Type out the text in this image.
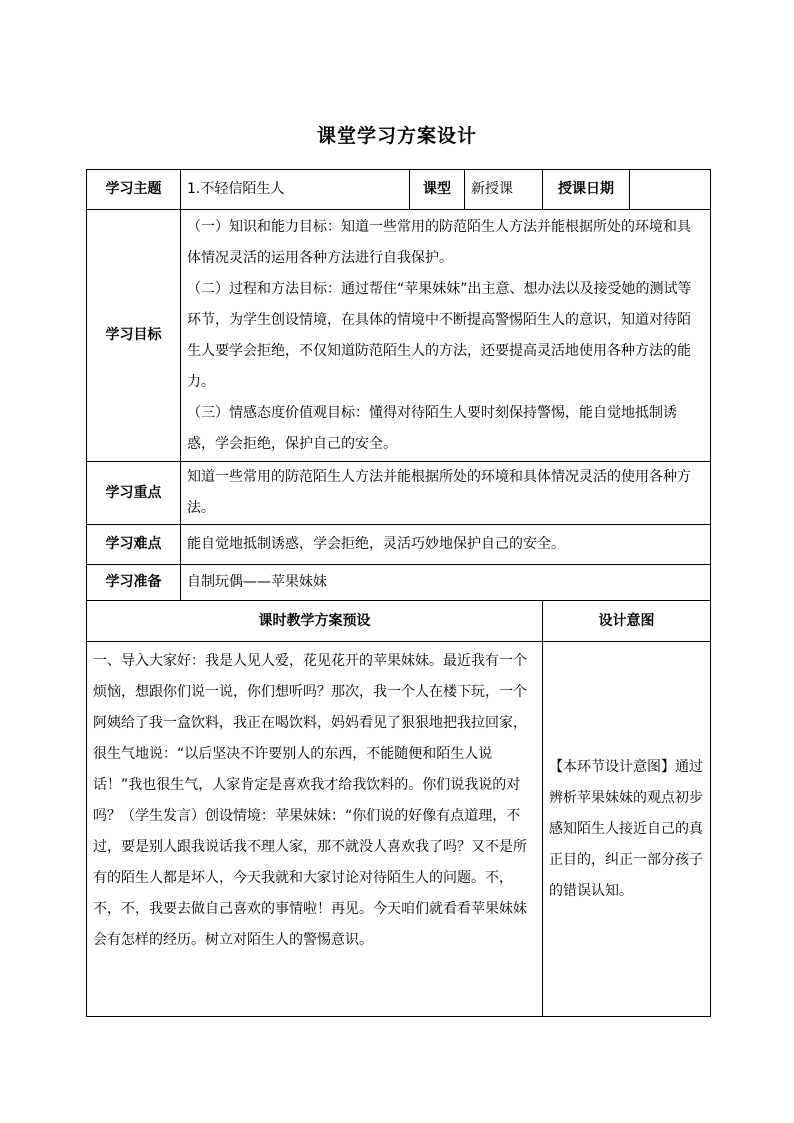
课堂学习方案设计
学习主题	1.不轻信陌生人	课型	新授课	授课日期	
学习目标	（一）知识和能力目标：知道一些常用的防范陌生人方法并能根据所处的环境和具体情况灵活的运用各种方法进行自我保护。

（二）过程和方法目标：通过帮住“苹果妹妹”出主意、想办法以及接受她的测试等环节，为学生创设情境，在具体的情境中不断提高警惕陌生人的意识，知道对待陌生人要学会拒绝，不仅知道防范陌生人的方法，还要提高灵活地使用各种方法的能力。

（三）情感态度价值观目标：懂得对待陌生人要时刻保持警惕，能自觉地抵制诱惑，学会拒绝，保护自己的安全。				

学习重点	知道一些常用的防范陌生人方法并能根据所处的环境和具体情况灵活的使用各种方法。				
学习难点	能自觉地抵制诱惑，学会拒绝，灵活巧妙地保护自己的安全。				
学习准备	自制玩偶——苹果妹妹				
课时教学方案预设				设计意图	
一、导入大家好：我是人见人爱，花见花开的苹果妹妹。最近我有一个烦恼，想跟你们说一说，你们想听吗？那次，我一个人在楼下玩，一个阿姨给了我一盒饮料，我正在喝饮料，妈妈看见了狠狠地把我拉回家，很生气地说：“以后坚决不许要别人的东西，不能随便和陌生人说话！”我也很生气，人家肯定是喜欢我才给我饮料的。你们说我说的对吗？（学生发言）创设情境：苹果妹妹：“你们说的好像有点道理，不过，要是别人跟我说话我不理人家，那不就没人喜欢我了吗？又不是所有的陌生人都是坏人，今天我就和大家讨论对待陌生人的问题。不，不，不，我要去做自己喜欢的事情啦！再见。今天咱们就看看苹果妹妹会有怎样的经历。树立对陌生人的警惕意识。				【本环节设计意图】通过辨析苹果妹妹的观点初步感知陌生人接近自己的真正目的，纠正一部分孩子的错误认知。	
